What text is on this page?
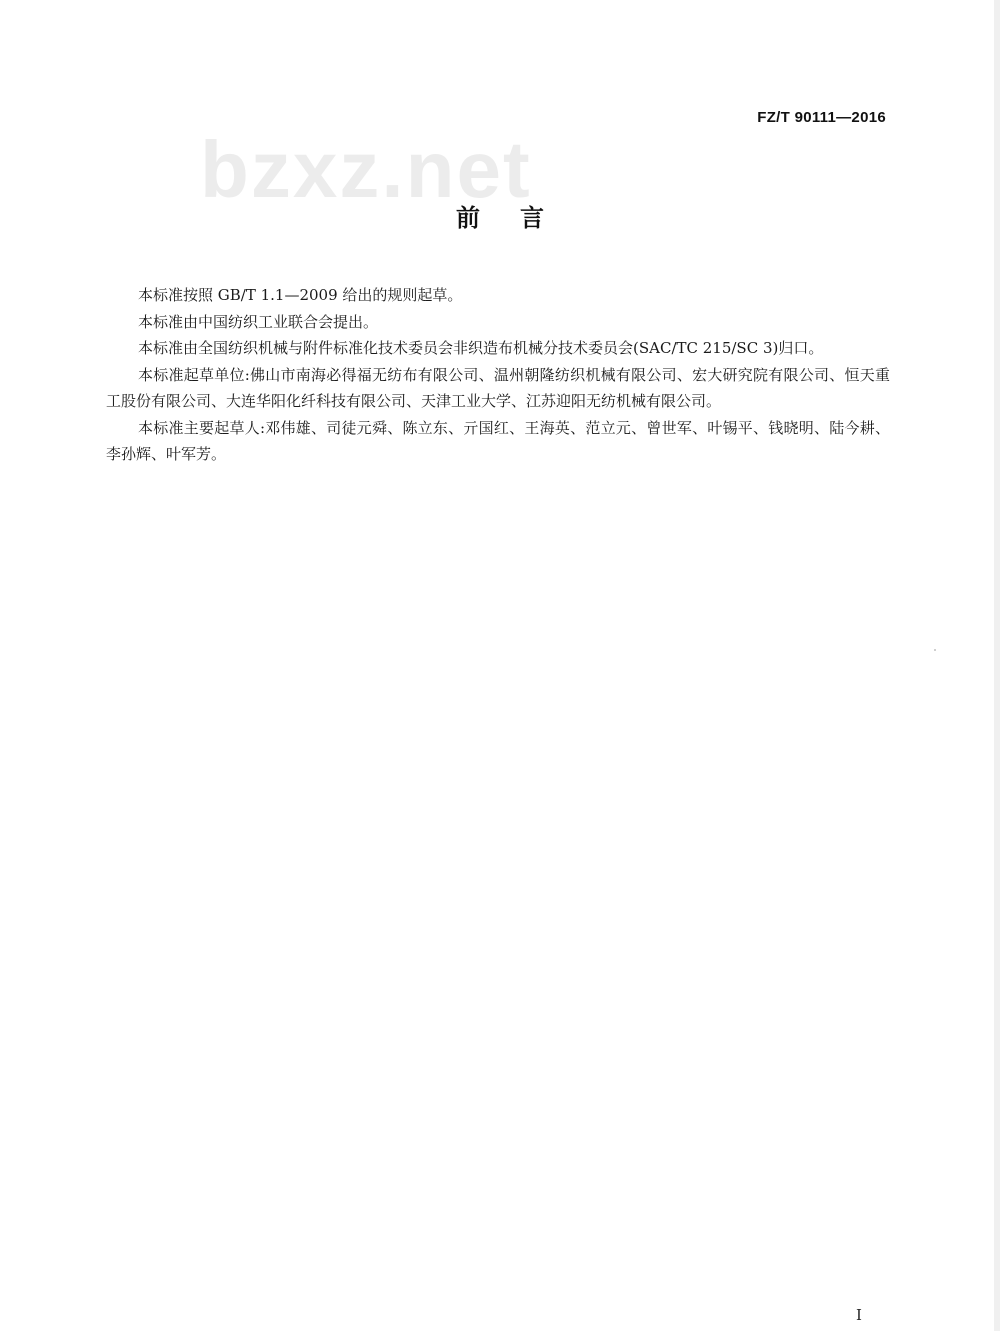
FZ/T 90111—2016
bzxz.net
前言

本标准按照 GB/T 1.1—2009 给出的规则起草。

本标准由中国纺织工业联合会提出。

本标准由全国纺织机械与附件标准化技术委员会非织造布机械分技术委员会(SAC/TC 215/SC 3)归口。

本标准起草单位:佛山市南海必得福无纺布有限公司、温州朝隆纺织机械有限公司、宏大研究院有限公司、恒天重工股份有限公司、大连华阳化纤科技有限公司、天津工业大学、江苏迎阳无纺机械有限公司。

本标准主要起草人:邓伟雄、司徒元舜、陈立东、亓国红、王海英、范立元、曾世军、叶锡平、钱晓明、陆今耕、李孙辉、叶军芳。

I
